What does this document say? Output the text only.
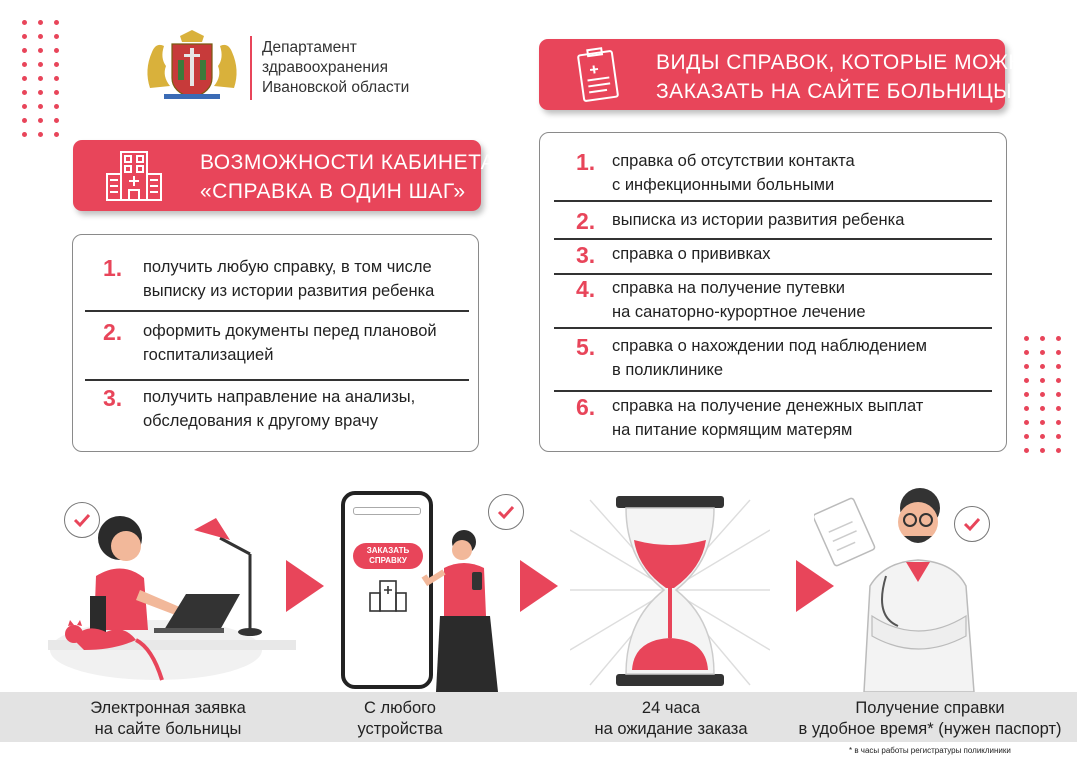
Департамент
здравоохранения
Ивановской области
ВОЗМОЖНОСТИ КАБИНЕТА
«СПРАВКА В ОДИН ШАГ»
1. получить любую справку, в том числе
выписку из истории развития ребенка
2. оформить документы перед плановой
госпитализацией
3. получить направление на анализы,
обследования к другому врачу
ВИДЫ СПРАВОК, КОТОРЫЕ МОЖНО
ЗАКАЗАТЬ НА САЙТЕ БОЛЬНИЦЫ
1. справка об отсутствии контакта
с инфекционными больными
2. выписка из истории развития ребенка
3. справка о прививках
4. справка на получение путевки
на санаторно-курортное лечение
5. справка о нахождении под наблюдением
в поликлинике
6. справка на получение денежных выплат
на питание кормящим матерям
ЗАКАЗАТЬ
СПРАВКУ
Электронная заявка
на сайте больницы
С любого
устройства
24 часа
на ожидание заказа
Получение справки
в удобное время* (нужен паспорт)
* в часы работы регистратуры поликлиники
